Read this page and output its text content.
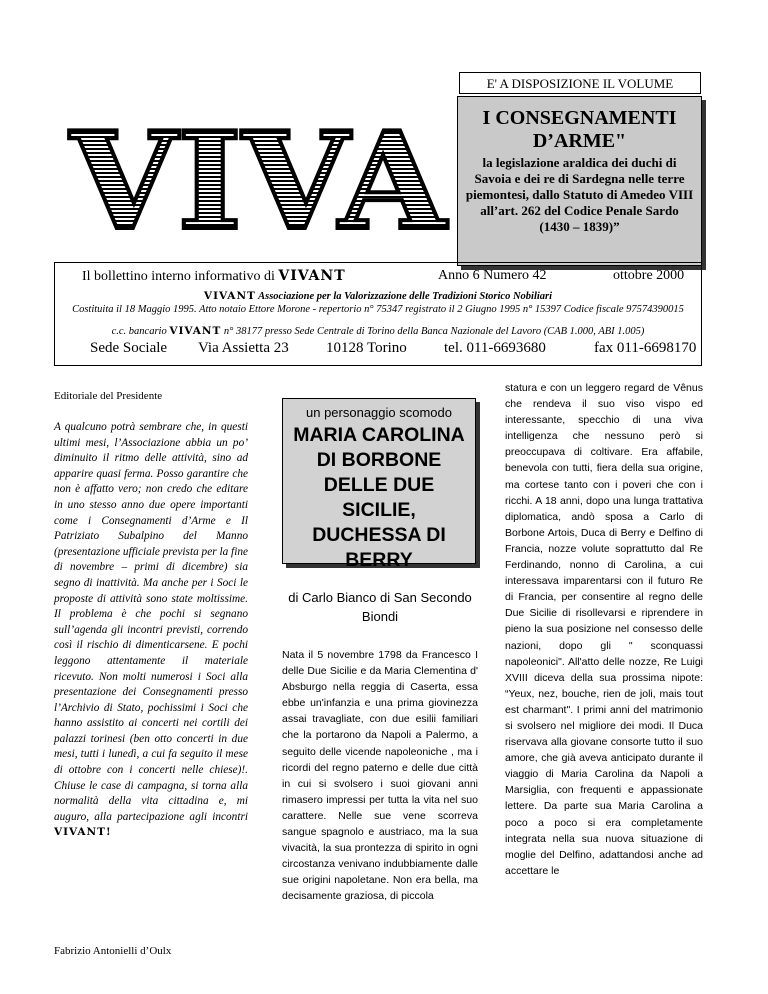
VIVA
E' A DISPOSIZIONE IL VOLUME
I CONSEGNAMENTI D’ARME"
la legislazione araldica dei duchi di Savoia e dei re di Sardegna nelle terre piemontesi, dallo Statuto di Amedeo VIII all’art. 262 del Codice Penale Sardo (1430 – 1839)”
Il bollettino interno informativo di VIVANT	Anno 6 Numero 42	ottobre 2000
VIVANT Associazione per la Valorizzazione delle Tradizioni Storico Nobiliari
Costituita il 18 Maggio 1995. Atto notaio Ettore Morone - repertorio n° 75347 registrato il 2 Giugno 1995 n° 15397 Codice fiscale 97574390015
c.c. bancario VIVANT n° 38177 presso Sede Centrale di Torino della Banca Nazionale del Lavoro (CAB 1.000, ABI 1.005)
Sede Sociale Via Assietta 23 10128 Torino tel. 011-6693680	fax 011-6698170
Editoriale del Presidente
A qualcuno potrà sembrare che, in questi ultimi mesi, l’Associazione abbia un po’ diminuito il ritmo delle attività, sino ad apparire quasi ferma. Posso garantire che non è affatto vero; non credo che editare in uno stesso anno due opere importanti come i Consegnamenti d’Arme e Il Patriziato Subalpino del Manno (presentazione ufficiale prevista per la fine di novembre – primi di dicembre) sia segno di inattività. Ma anche per i Soci le proposte di attività sono state moltissime. Il problema è che pochi si segnano sull’agenda gli incontri previsti, correndo così il rischio di dimenticarsene. E pochi leggono attentamente il materiale ricevuto. Non molti numerosi i Soci alla presentazione dei Consegnamenti presso l’Archivio di Stato, pochissimi i Soci che hanno assistito ai concerti nei cortili dei palazzi torinesi (ben otto concerti in due mesi, tutti i lunedì, a cui fa seguito il mese di ottobre con i concerti nelle chiese)!. Chiuse le case di campagna, si torna alla normalità della vita cittadina e, mi auguro, alla partecipazione agli incontri VIVANT!
Fabrizio Antonielli d’Oulx
un personaggio scomodo
MARIA CAROLINA DI BORBONE DELLE DUE SICILIE, DUCHESSA DI BERRY
di Carlo Bianco di San Secondo Biondi
Nata il 5 novembre 1798 da Francesco I delle Due Sicilie e da Maria Clementina d' Absburgo nella reggia di Caserta, essa ebbe un'infanzia e una prima giovinezza assai travagliate, con due esilii familiari che la portarono da Napoli a Palermo, a seguito delle vicende napoleoniche , ma i ricordi del regno paterno e delle due città in cui si svolsero i suoi giovani anni rimasero impressi per tutta la vita nel suo carattere. Nelle sue vene scorreva sangue spagnolo e austriaco, ma la sua vivacità, la sua prontezza di spirito in ogni circostanza venivano indubbiamente dalle sue origini napoletane. Non era bella, ma decisamente graziosa, di piccola
statura e con un leggero regard de Vênus che rendeva il suo viso vispo ed interessante, specchio di una viva intelligenza che nessuno però si preoccupava di coltivare. Era affabile, benevola con tutti, fiera della sua origine, ma cortese tanto con i poveri che con i ricchi. A 18 anni, dopo una lunga trattativa diplomatica, andò sposa a Carlo di Borbone Artois, Duca di Berry e Delfino di Francia, nozze volute soprattutto dal Re Ferdinando, nonno di Carolina, a cui interessava imparentarsi con il futuro Re di Francia, per consentire al regno delle Due Sicilie di risollevarsi e riprendere in pieno la sua posizione nel consesso delle nazioni, dopo gli " sconquassi napoleonici". All'atto delle nozze, Re Luigi XVIII diceva della sua prossima nipote: “Yeux, nez, bouche, rien de joli, mais tout est charmant". I primi anni del matrimonio si svolsero nel migliore dei modi. Il Duca riservava alla giovane consorte tutto il suo amore, che già aveva anticipato durante il viaggio di Maria Carolina da Napoli a Marsiglia, con frequenti e appassionate lettere. Da parte sua Maria Carolina a poco a poco si era completamente integrata nella sua nuova situazione di moglie del Delfino, adattandosi anche ad accettare le
